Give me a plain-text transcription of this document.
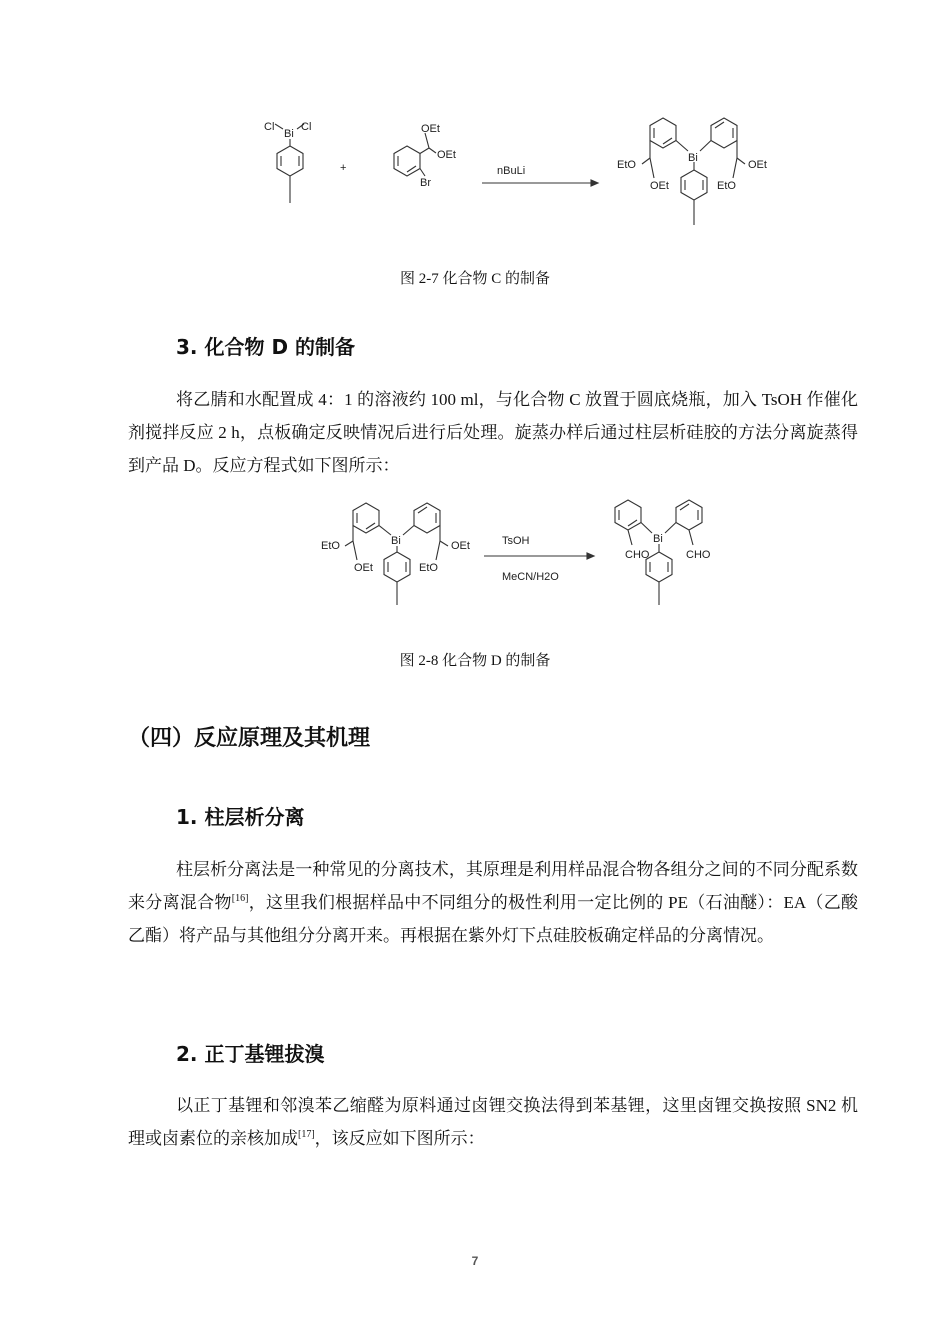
Cl
Bi
Cl
+
OEt
OEt
Br
nBuLi
Bi
EtO	OEt
OEt	EtO
图 2-7 化合物 C 的制备
3. 化合物 D 的制备
将乙腈和水配置成 4：1 的溶液约 100 ml，与化合物 C 放置于圆底烧瓶，加入 TsOH 作催化剂搅拌反应 2 h，点板确定反映情况后进行后处理。旋蒸办样后通过柱层析硅胶的方法分离旋蒸得到产品 D。反应方程式如下图所示：
Bi
EtO	OEt
OEt	EtO
TsOH
MeCN/H2O
Bi
CHO	CHO
图 2-8 化合物 D 的制备
（四）反应原理及其机理
1. 柱层析分离
柱层析分离法是一种常见的分离技术，其原理是利用样品混合物各组分之间的不同分配系数来分离混合物[16]，这里我们根据样品中不同组分的极性利用一定比例的 PE（石油醚）：EA（乙酸乙酯）将产品与其他组分分离开来。再根据在紫外灯下点硅胶板确定样品的分离情况。
2. 正丁基锂拔溴
以正丁基锂和邻溴苯乙缩醛为原料通过卤锂交换法得到苯基锂，这里卤锂交换按照 SN2 机理或卤素位的亲核加成[17]，该反应如下图所示：
7
